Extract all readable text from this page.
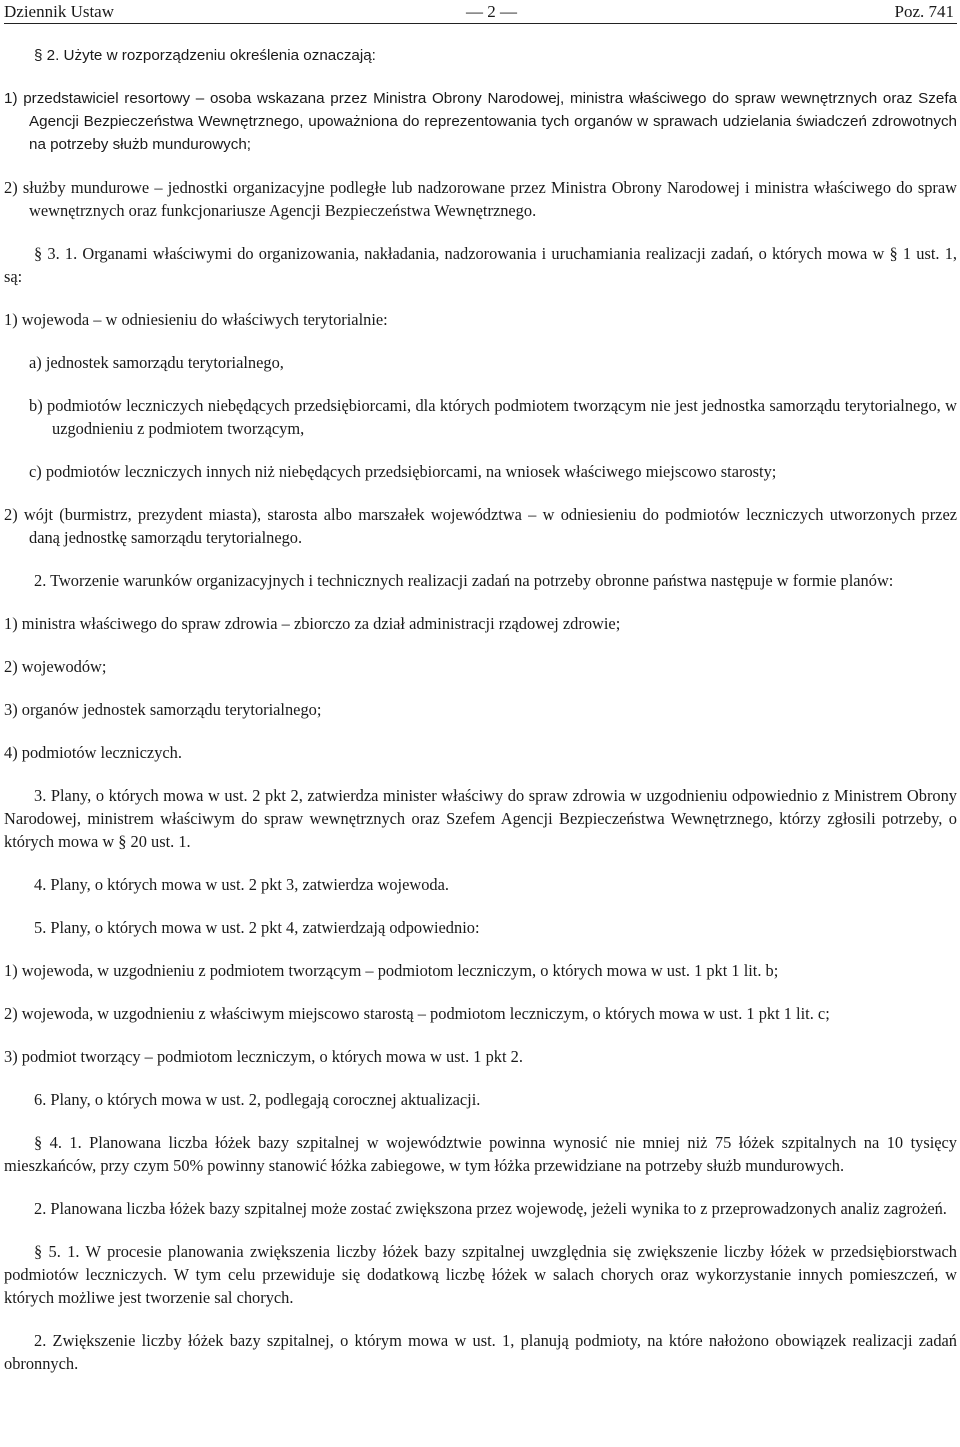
Dziennik Ustaw	— 2 —	Poz. 741

§ 2. Użyte w rozporządzeniu określenia oznaczają:

1) przedstawiciel resortowy – osoba wskazana przez Ministra Obrony Narodowej, ministra właściwego do spraw wewnętrznych oraz Szefa Agencji Bezpieczeństwa Wewnętrznego, upoważniona do reprezentowania tych organów w sprawach udzielania świadczeń zdrowotnych na potrzeby służb mundurowych;

2) służby mundurowe – jednostki organizacyjne podległe lub nadzorowane przez Ministra Obrony Narodowej i ministra właściwego do spraw wewnętrznych oraz funkcjonariusze Agencji Bezpieczeństwa Wewnętrznego.

§ 3. 1. Organami właściwymi do organizowania, nakładania, nadzorowania i uruchamiania realizacji zadań, o których mowa w § 1 ust. 1, są:

1) wojewoda – w odniesieniu do właściwych terytorialnie:

a) jednostek samorządu terytorialnego,

b) podmiotów leczniczych niebędących przedsiębiorcami, dla których podmiotem tworzącym nie jest jednostka samorządu terytorialnego, w uzgodnieniu z podmiotem tworzącym,

c) podmiotów leczniczych innych niż niebędących przedsiębiorcami, na wniosek właściwego miejscowo starosty;

2) wójt (burmistrz, prezydent miasta), starosta albo marszałek województwa – w odniesieniu do podmiotów leczniczych utworzonych przez daną jednostkę samorządu terytorialnego.

2. Tworzenie warunków organizacyjnych i technicznych realizacji zadań na potrzeby obronne państwa następuje w formie planów:

1) ministra właściwego do spraw zdrowia – zbiorczo za dział administracji rządowej zdrowie;

2) wojewodów;

3) organów jednostek samorządu terytorialnego;

4) podmiotów leczniczych.

3. Plany, o których mowa w ust. 2 pkt 2, zatwierdza minister właściwy do spraw zdrowia w uzgodnieniu odpowiednio z Ministrem Obrony Narodowej, ministrem właściwym do spraw wewnętrznych oraz Szefem Agencji Bezpieczeństwa Wewnętrznego, którzy zgłosili potrzeby, o których mowa w § 20 ust. 1.

4. Plany, o których mowa w ust. 2 pkt 3, zatwierdza wojewoda.

5. Plany, o których mowa w ust. 2 pkt 4, zatwierdzają odpowiednio:

1) wojewoda, w uzgodnieniu z podmiotem tworzącym – podmiotom leczniczym, o których mowa w ust. 1 pkt 1 lit. b;

2) wojewoda, w uzgodnieniu z właściwym miejscowo starostą – podmiotom leczniczym, o których mowa w ust. 1 pkt 1 lit. c;

3) podmiot tworzący – podmiotom leczniczym, o których mowa w ust. 1 pkt 2.

6. Plany, o których mowa w ust. 2, podlegają corocznej aktualizacji.

§ 4. 1. Planowana liczba łóżek bazy szpitalnej w województwie powinna wynosić nie mniej niż 75 łóżek szpitalnych na 10 tysięcy mieszkańców, przy czym 50% powinny stanowić łóżka zabiegowe, w tym łóżka przewidziane na potrzeby służb mundurowych.

2. Planowana liczba łóżek bazy szpitalnej może zostać zwiększona przez wojewodę, jeżeli wynika to z przeprowadzonych analiz zagrożeń.

§ 5. 1. W procesie planowania zwiększenia liczby łóżek bazy szpitalnej uwzględnia się zwiększenie liczby łóżek w przedsiębiorstwach podmiotów leczniczych. W tym celu przewiduje się dodatkową liczbę łóżek w salach chorych oraz wykorzystanie innych pomieszczeń, w których możliwe jest tworzenie sal chorych.

2. Zwiększenie liczby łóżek bazy szpitalnej, o którym mowa w ust. 1, planują podmioty, na które nałożono obowiązek realizacji zadań obronnych.
